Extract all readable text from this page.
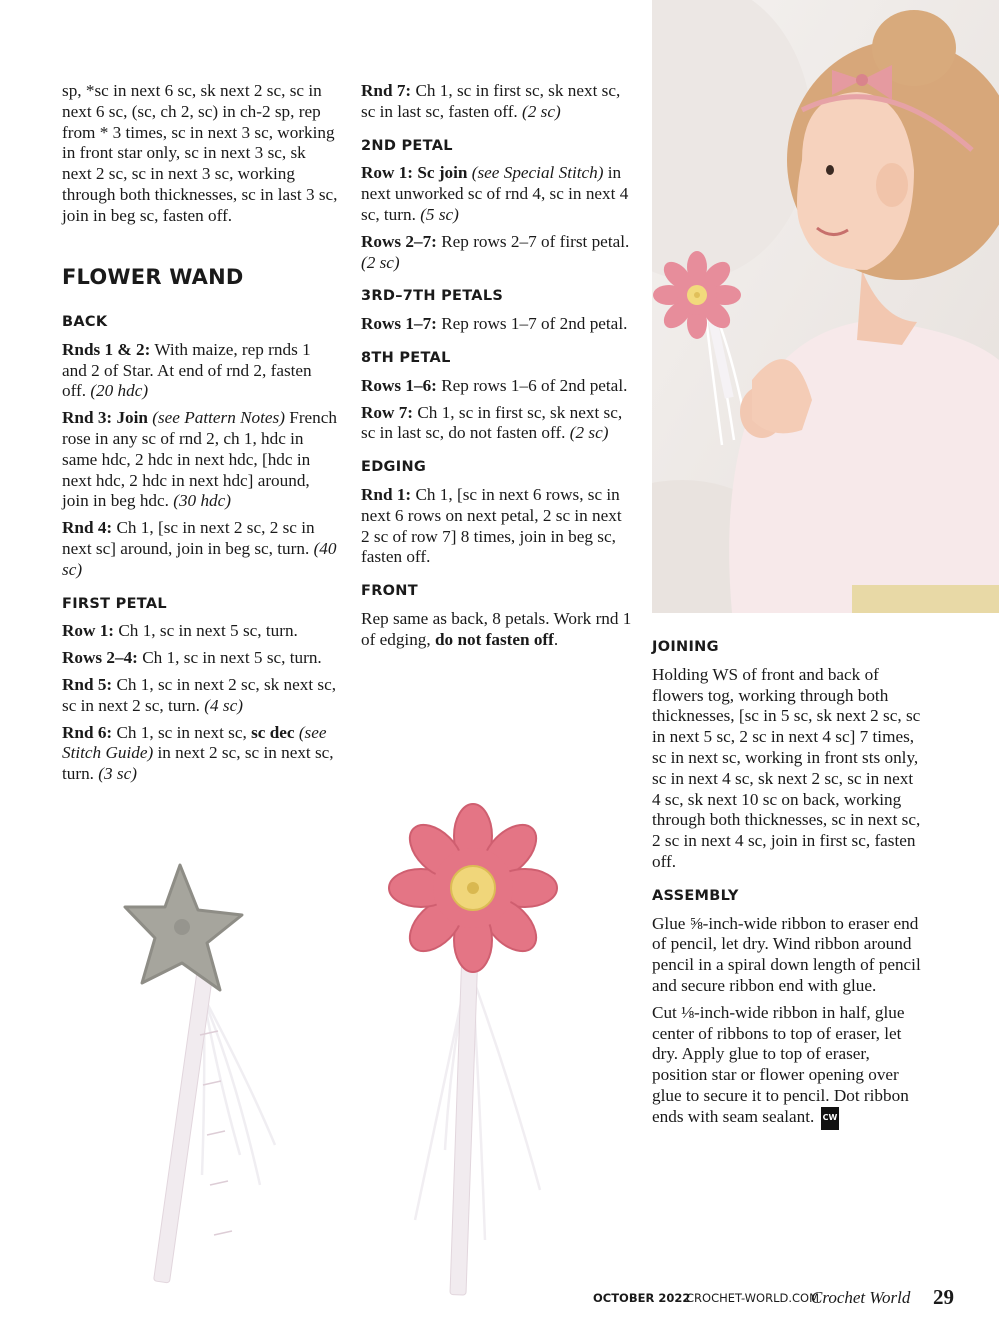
sp, *sc in next 6 sc, sk next 2 sc, sc in next 6 sc, (sc, ch 2, sc) in ch-2 sp, rep from * 3 times, sc in next 3 sc, working in front star only, sc in next 3 sc, sk next 2 sc, sc in next 3 sc, working through both thicknesses, sc in last 3 sc, join in beg sc, fasten off.

FLOWER WAND
BACK

Rnds 1 & 2: With maize, rep rnds 1 and 2 of Star. At end of rnd 2, fasten off. (20 hdc)

Rnd 3: Join (see Pattern Notes) French rose in any sc of rnd 2, ch 1, hdc in same hdc, 2 hdc in next hdc, [hdc in next hdc, 2 hdc in next hdc] around, join in beg hdc. (30 hdc)

Rnd 4: Ch 1, [sc in next 2 sc, 2 sc in next sc] around, join in beg sc, turn. (40 sc)

FIRST PETAL

Row 1: Ch 1, sc in next 5 sc, turn.

Rows 2–4: Ch 1, sc in next 5 sc, turn.

Rnd 5: Ch 1, sc in next 2 sc, sk next sc, sc in next 2 sc, turn. (4 sc)

Rnd 6: Ch 1, sc in next sc, sc dec (see Stitch Guide) in next 2 sc, sc in next sc, turn. (3 sc)

Rnd 7: Ch 1, sc in first sc, sk next sc, sc in last sc, fasten off. (2 sc)

2ND PETAL

Row 1: Sc join (see Special Stitch) in next unworked sc of rnd 4, sc in next 4 sc, turn. (5 sc)

Rows 2–7: Rep rows 2–7 of first petal. (2 sc)

3RD–7TH PETALS

Rows 1–7: Rep rows 1–7 of 2nd petal.

8TH PETAL

Rows 1–6: Rep rows 1–6 of 2nd petal.

Row 7: Ch 1, sc in first sc, sk next sc, sc in last sc, do not fasten off. (2 sc)

EDGING

Rnd 1: Ch 1, [sc in next 6 rows, sc in next 6 rows on next petal, 2 sc in next 2 sc of row 7] 8 times, join in beg sc, fasten off.

FRONT

Rep same as back, 8 petals. Work rnd 1 of edging, do not fasten off.	JOINING

Holding WS of front and back of flowers tog, working through both thicknesses, [sc in 5 sc, sk next 2 sc, sc in next 5 sc, 2 sc in next 4 sc] 7 times, sc in next sc, working in front sts only, sc in next 4 sc, sk next 2 sc, sc in next 4 sc, sk next 10 sc on back, working through both thicknesses, sc in next sc, 2 sc in next 4 sc, join in first sc, fasten off.

ASSEMBLY

Glue ⅝-inch-wide ribbon to eraser end of pencil, let dry. Wind ribbon around pencil in a spiral down length of pencil and secure ribbon end with glue.

Cut ⅛-inch-wide ribbon in half, glue center of ribbons to top of eraser, let dry. Apply glue to top of eraser, position star or flower opening over glue to secure it to pencil. Dot ribbon ends with seam sealant. CW

OCTOBER 2022
CROCHET-WORLD.COM
Crochet World 29
